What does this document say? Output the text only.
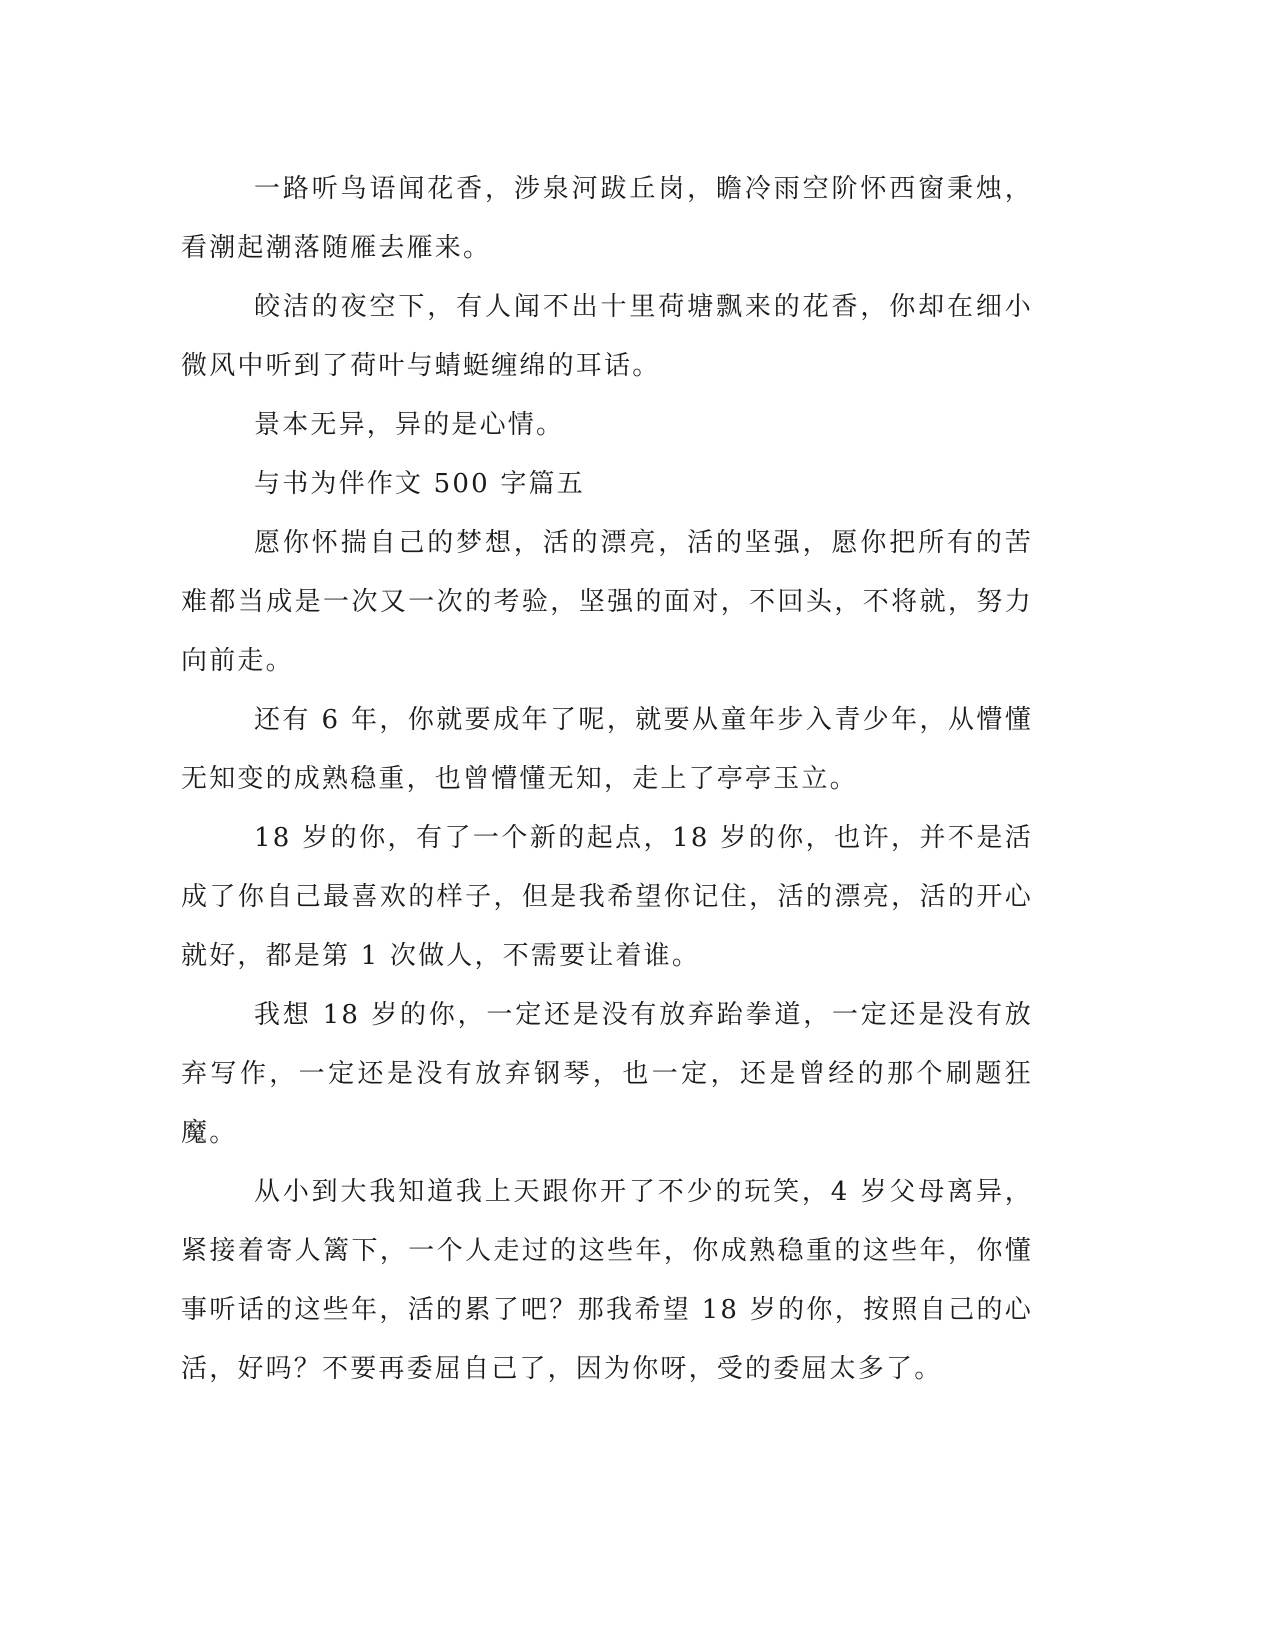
一路听鸟语闻花香，涉泉河跋丘岗，瞻冷雨空阶怀西窗秉烛，看潮起潮落随雁去雁来。

皎洁的夜空下，有人闻不出十里荷塘飘来的花香，你却在细小微风中听到了荷叶与蜻蜓缠绵的耳话。

景本无异，异的是心情。

与书为伴作文 500 字篇五

愿你怀揣自己的梦想，活的漂亮，活的坚强，愿你把所有的苦难都当成是一次又一次的考验，坚强的面对，不回头，不将就，努力向前走。

还有 6 年，你就要成年了呢，就要从童年步入青少年，从懵懂无知变的成熟稳重，也曾懵懂无知，走上了亭亭玉立。

18 岁的你，有了一个新的起点，18 岁的你，也许，并不是活成了你自己最喜欢的样子，但是我希望你记住，活的漂亮，活的开心就好，都是第 1 次做人，不需要让着谁。

我想 18 岁的你，一定还是没有放弃跆拳道，一定还是没有放弃写作，一定还是没有放弃钢琴，也一定，还是曾经的那个刷题狂魔。

从小到大我知道我上天跟你开了不少的玩笑，4 岁父母离异，紧接着寄人篱下，一个人走过的这些年，你成熟稳重的这些年，你懂事听话的这些年，活的累了吧？那我希望 18 岁的你，按照自己的心活，好吗？不要再委屈自己了，因为你呀，受的委屈太多了。
